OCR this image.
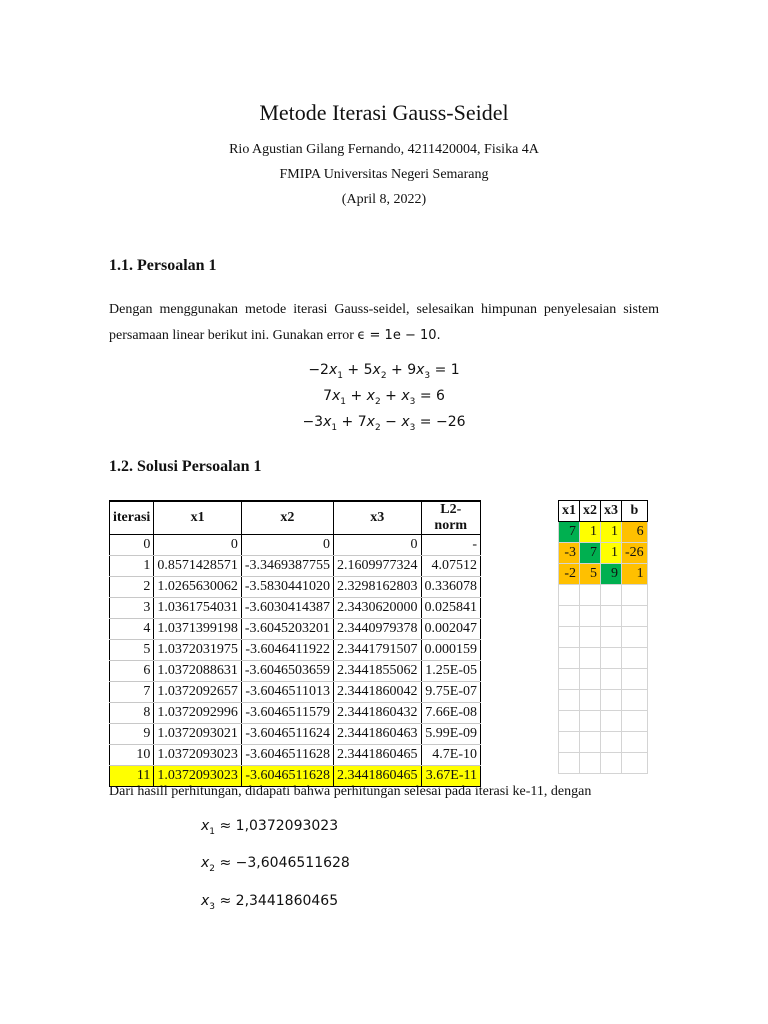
Metode Iterasi Gauss-Seidel
Rio Agustian Gilang Fernando, 4211420004, Fisika 4A
FMIPA Universitas Negeri Semarang
(April 8, 2022)
1.1. Persoalan 1
Dengan menggunakan metode iterasi Gauss-seidel, selesaikan himpunan penyelesaian sistem persamaan linear berikut ini. Gunakan error ϵ = 1e − 10.
$-2x_1 + 5x_2 + 9x_3 = 1$
$7x_1 + x_2 + x_3 = 6$
$-3x_1 + 7x_2 - x_3 = -26$
1.2. Solusi Persoalan 1
iterasi	x1	x2	x3	L2-norm
0	0	0	0	-
1	0.8571428571	-3.3469387755	2.1609977324	4.07512
2	1.0265630062	-3.5830441020	2.3298162803	0.336078
3	1.0361754031	-3.6030414387	2.3430620000	0.025841
4	1.0371399198	-3.6045203201	2.3440979378	0.002047
5	1.0372031975	-3.6046411922	2.3441791507	0.000159
6	1.0372088631	-3.6046503659	2.3441855062	1.25E-05
7	1.0372092657	-3.6046511013	2.3441860042	9.75E-07
8	1.0372092996	-3.6046511579	2.3441860432	7.66E-08
9	1.0372093021	-3.6046511624	2.3441860463	5.99E-09
10	1.0372093023	-3.6046511628	2.3441860465	4.7E-10
11	1.0372093023	-3.6046511628	2.3441860465	3.67E-11
x1	x2	x3	b
7	1	1	6
-3	7	1	-26
-2	5	9	1

Dari hasill perhitungan, didapati bahwa perhitungan selesai pada iterasi ke-11, dengan
$x_1 \approx 1,0372093023$
$x_2 \approx -3,6046511628$
$x_3 \approx 2,3441860465$
